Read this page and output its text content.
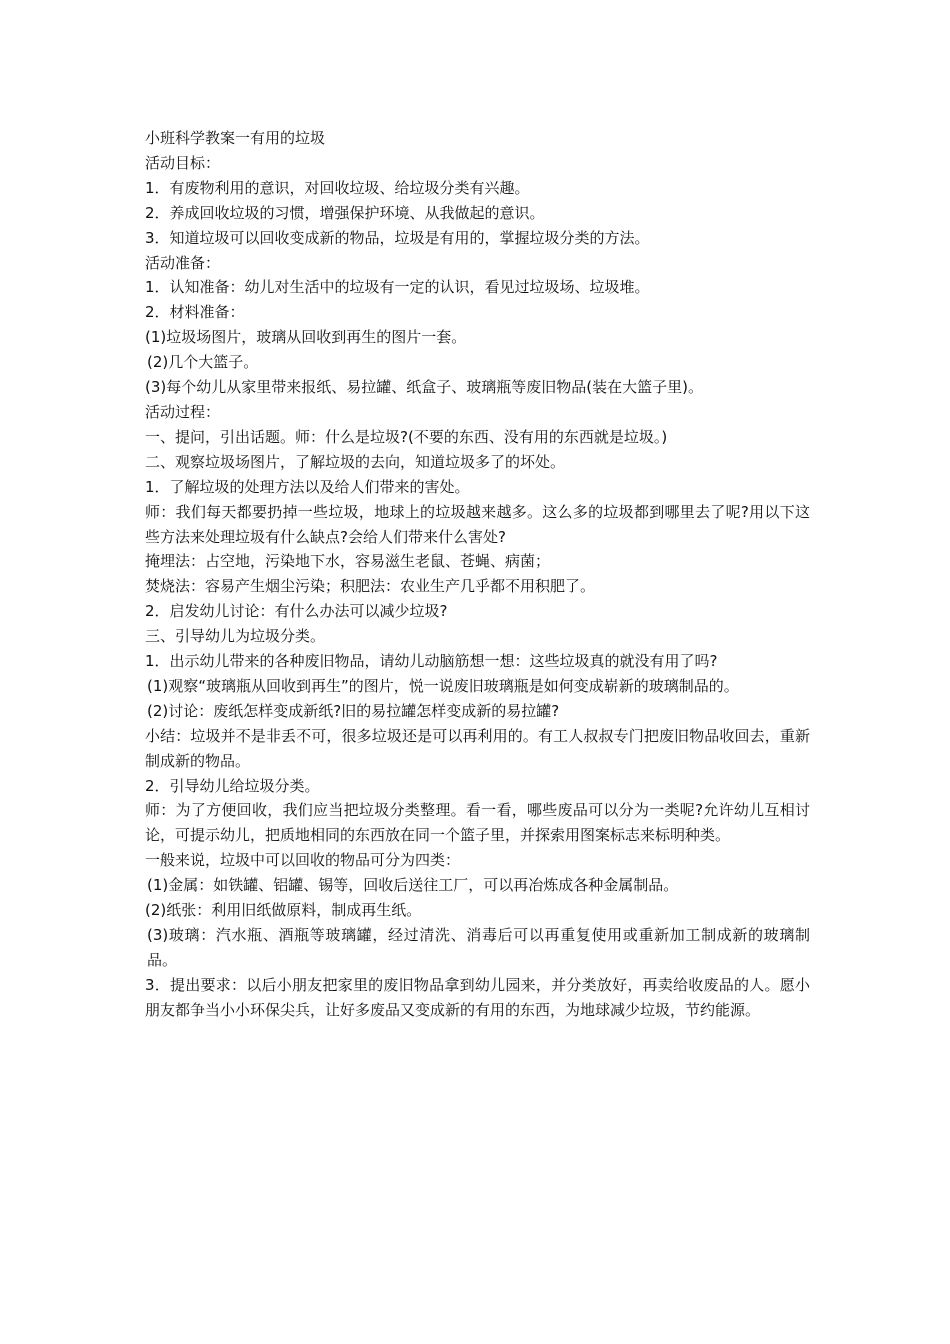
小班科学教案一有用的垃圾
活动目标：
1．有废物利用的意识，对回收垃圾、给垃圾分类有兴趣。
2．养成回收垃圾的习惯，增强保护环境、从我做起的意识。
3．知道垃圾可以回收变成新的物品，垃圾是有用的，掌握垃圾分类的方法。
活动准备：
1．认知准备：幼儿对生活中的垃圾有一定的认识，看见过垃圾场、垃圾堆。
2．材料准备：
(1)垃圾场图片，玻璃从回收到再生的图片一套。
(2)几个大篮子。
(3)每个幼儿从家里带来报纸、易拉罐、纸盒子、玻璃瓶等废旧物品(装在大篮子里)。
活动过程：
一、提问，引出话题。师：什么是垃圾?(不要的东西、没有用的东西就是垃圾。)
二、观察垃圾场图片，了解垃圾的去向，知道垃圾多了的坏处。
1．了解垃圾的处理方法以及给人们带来的害处。
师：我们每天都要扔掉一些垃圾，地球上的垃圾越来越多。这么多的垃圾都到哪里去了呢?用以下这些方法来处理垃圾有什么缺点?会给人们带来什么害处?
掩埋法：占空地，污染地下水，容易滋生老鼠、苍蝇、病菌；
焚烧法：容易产生烟尘污染；积肥法：农业生产几乎都不用积肥了。
2．启发幼儿讨论：有什么办法可以减少垃圾?
三、引导幼儿为垃圾分类。
1．出示幼儿带来的各种废旧物品，请幼儿动脑筋想一想：这些垃圾真的就没有用了吗?
(1)观察“玻璃瓶从回收到再生”的图片，悦一说废旧玻璃瓶是如何变成崭新的玻璃制品的。
(2)讨论：废纸怎样变成新纸?旧的易拉罐怎样变成新的易拉罐?
小结：垃圾并不是非丢不可，很多垃圾还是可以再利用的。有工人叔叔专门把废旧物品收回去，重新制成新的物品。
2．引导幼儿给垃圾分类。
师：为了方便回收，我们应当把垃圾分类整理。看一看，哪些废品可以分为一类呢?允许幼儿互相讨论，可提示幼儿，把质地相同的东西放在同一个篮子里，并探索用图案标志来标明种类。
一般来说，垃圾中可以回收的物品可分为四类：
(1)金属：如铁罐、铝罐、锡等，回收后送往工厂，可以再冶炼成各种金属制品。
(2)纸张：利用旧纸做原料，制成再生纸。
(3)玻璃：汽水瓶、酒瓶等玻璃罐，经过清洗、消毒后可以再重复使用或重新加工制成新的玻璃制品。
3．提出要求：以后小朋友把家里的废旧物品拿到幼儿园来，并分类放好，再卖给收废品的人。愿小朋友都争当小小环保尖兵，让好多废品又变成新的有用的东西，为地球减少垃圾，节约能源。
